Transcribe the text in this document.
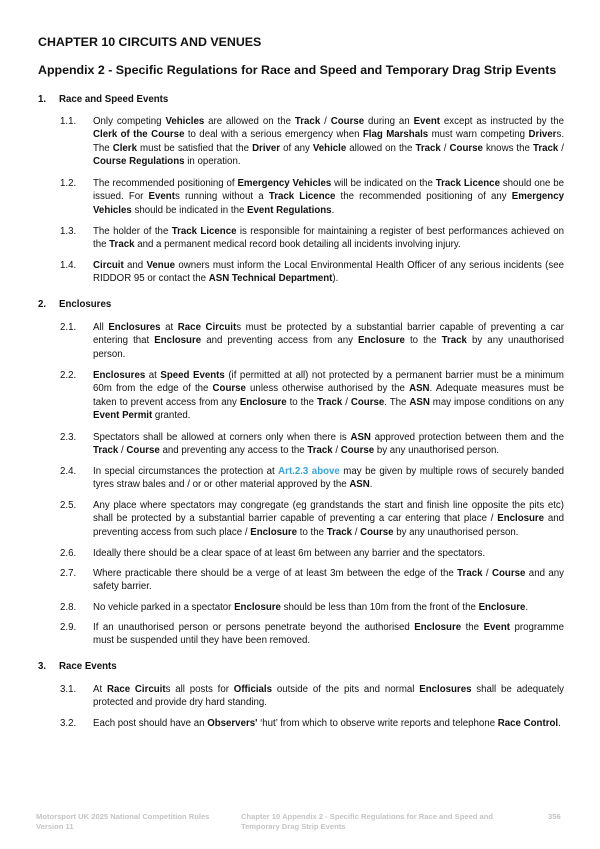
CHAPTER 10 CIRCUITS AND VENUES
Appendix 2 - Specific Regulations for Race and Speed and Temporary Drag Strip Events
1. Race and Speed Events
1.1. Only competing Vehicles are allowed on the Track / Course during an Event except as instructed by the Clerk of the Course to deal with a serious emergency when Flag Marshals must warn competing Drivers. The Clerk must be satisfied that the Driver of any Vehicle allowed on the Track / Course knows the Track / Course Regulations in operation.
1.2. The recommended positioning of Emergency Vehicles will be indicated on the Track Licence should one be issued. For Events running without a Track Licence the recommended positioning of any Emergency Vehicles should be indicated in the Event Regulations.
1.3. The holder of the Track Licence is responsible for maintaining a register of best performances achieved on the Track and a permanent medical record book detailing all incidents involving injury.
1.4. Circuit and Venue owners must inform the Local Environmental Health Officer of any serious incidents (see RIDDOR 95 or contact the ASN Technical Department).
2. Enclosures
2.1. All Enclosures at Race Circuits must be protected by a substantial barrier capable of preventing a car entering that Enclosure and preventing access from any Enclosure to the Track by any unauthorised person.
2.2. Enclosures at Speed Events (if permitted at all) not protected by a permanent barrier must be a minimum 60m from the edge of the Course unless otherwise authorised by the ASN. Adequate measures must be taken to prevent access from any Enclosure to the Track / Course. The ASN may impose conditions on any Event Permit granted.
2.3. Spectators shall be allowed at corners only when there is ASN approved protection between them and the Track / Course and preventing any access to the Track / Course by any unauthorised person.
2.4. In special circumstances the protection at Art.2.3 above may be given by multiple rows of securely banded tyres straw bales and / or or other material approved by the ASN.
2.5. Any place where spectators may congregate (eg grandstands the start and finish line opposite the pits etc) shall be protected by a substantial barrier capable of preventing a car entering that place / Enclosure and preventing access from such place / Enclosure to the Track / Course by any unauthorised person.
2.6. Ideally there should be a clear space of at least 6m between any barrier and the spectators.
2.7. Where practicable there should be a verge of at least 3m between the edge of the Track / Course and any safety barrier.
2.8. No vehicle parked in a spectator Enclosure should be less than 10m from the front of the Enclosure.
2.9. If an unauthorised person or persons penetrate beyond the authorised Enclosure the Event programme must be suspended until they have been removed.
3. Race Events
3.1. At Race Circuits all posts for Officials outside of the pits and normal Enclosures shall be adequately protected and provide dry hard standing.
3.2. Each post should have an Observers' ‘hut’ from which to observe write reports and telephone Race Control.
Motorsport UK 2025 National Competition Rules
Version 11
Chapter 10 Appendix 2 - Specific Regulations for Race and Speed and
Temporary Drag Strip Events
356
